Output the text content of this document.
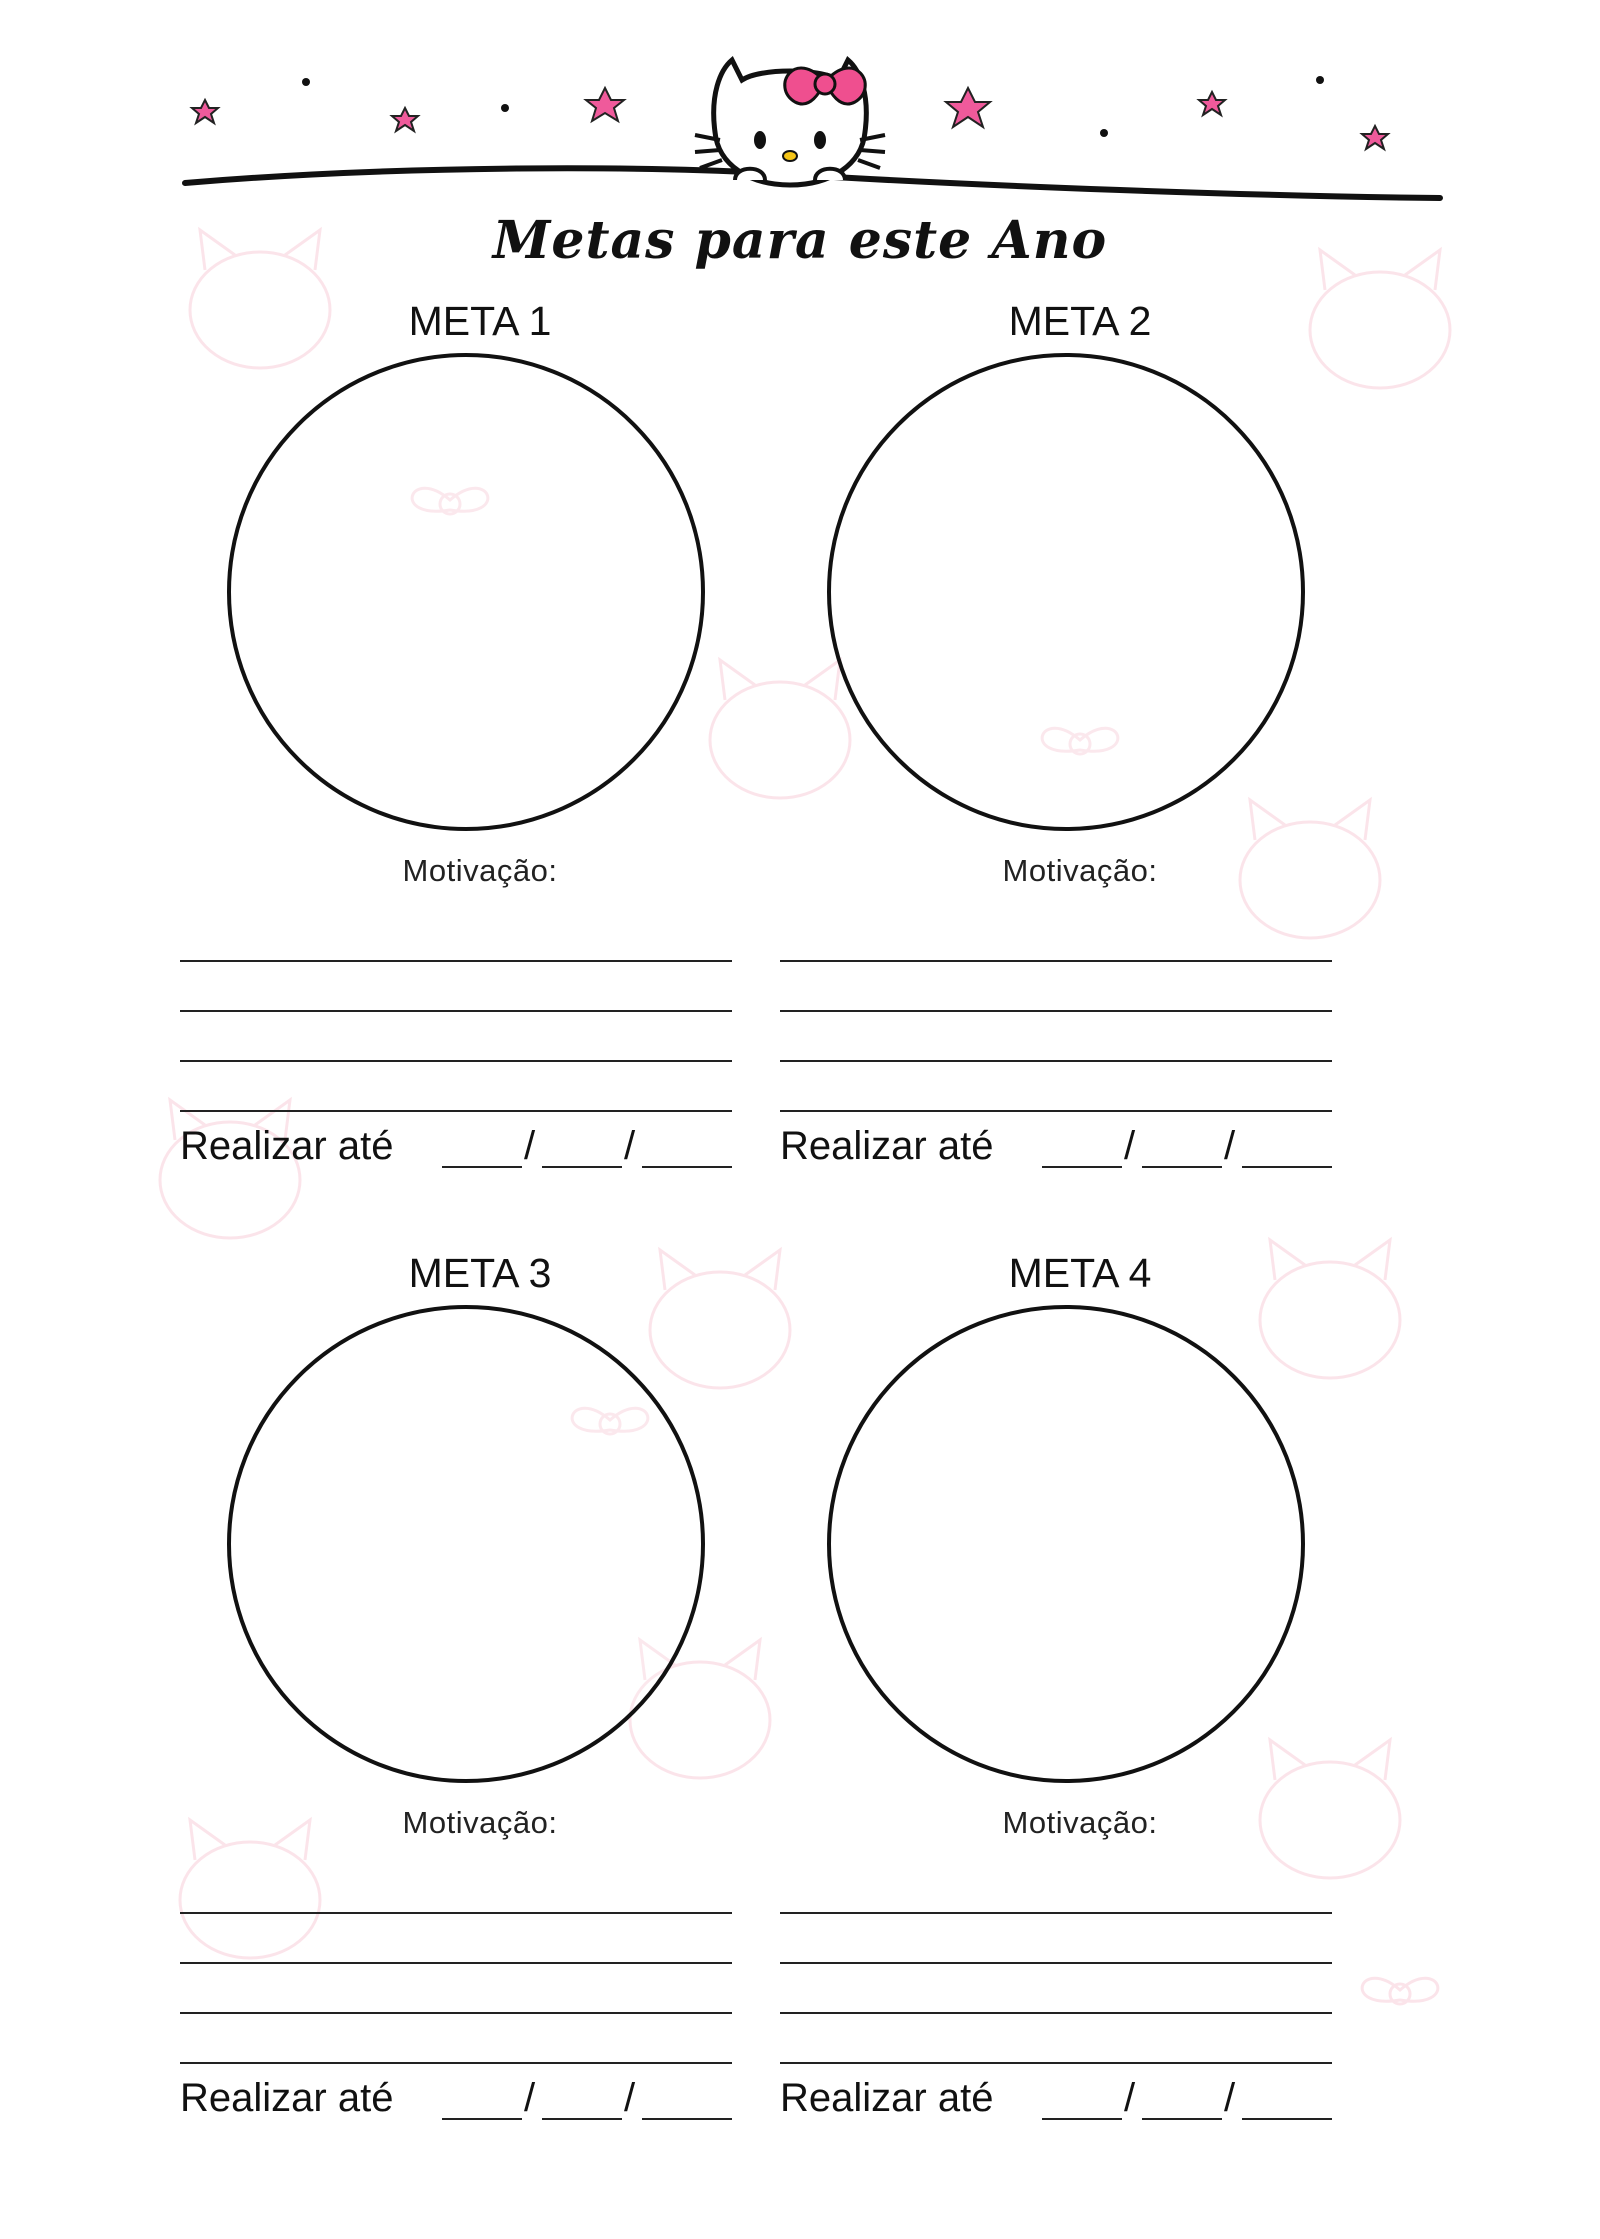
Metas para este Ano
META 1
Motivação:
Realizar até	/ /
META 2
Motivação:
Realizar até	/ /
META 3
Motivação:
Realizar até	/ /
META 4
Motivação:
Realizar até	/ /
